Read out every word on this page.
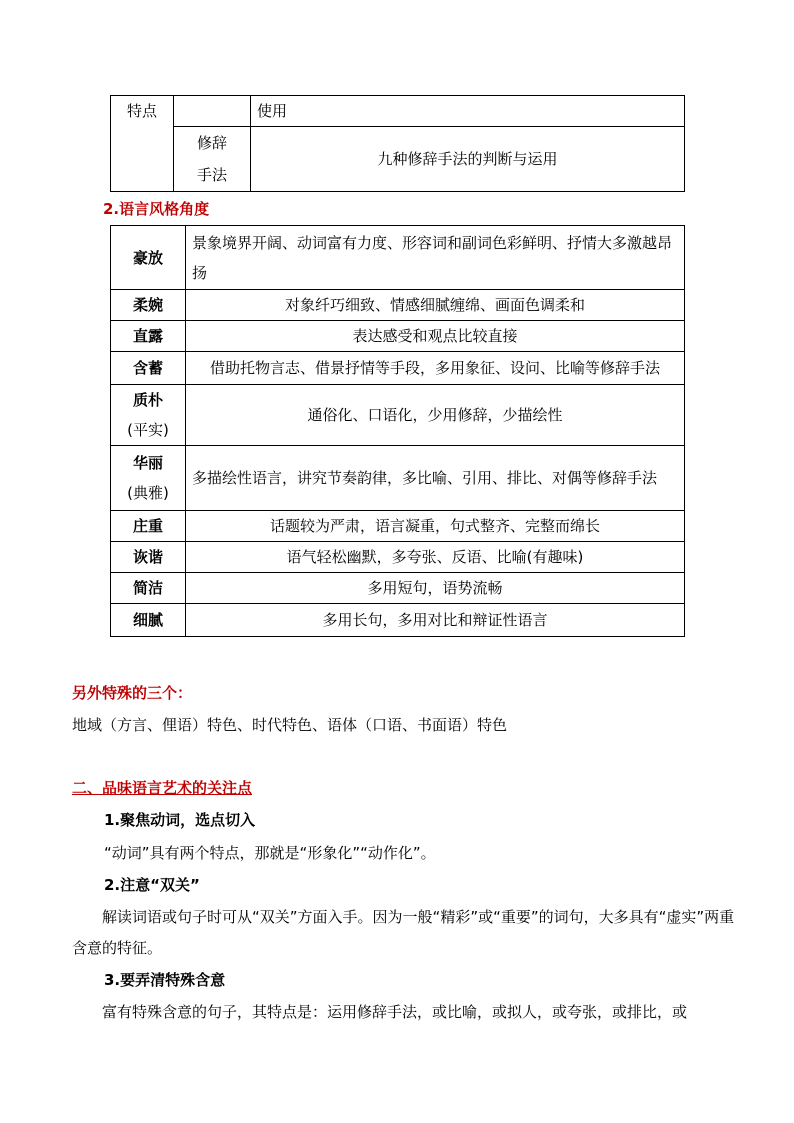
特点		使用

	修辞
手法	九种修辞手法的判断与运用
2.语言风格角度
豪放	景象境界开阔、动词富有力度、形容词和副词色彩鲜明、抒情大多激越昂扬

柔婉	对象纤巧细致、情感细腻缠绵、画面色调柔和

直露	表达感受和观点比较直接

含蓄	借助托物言志、借景抒情等手段，多用象征、设问、比喻等修辞手法

质朴
(平实)	通俗化、口语化，少用修辞，少描绘性

华丽
(典雅)	多描绘性语言，讲究节奏韵律，多比喻、引用、排比、对偶等修辞手法

庄重	话题较为严肃，语言凝重，句式整齐、完整而绵长

诙谐	语气轻松幽默，多夸张、反语、比喻(有趣味)

简洁	多用短句，语势流畅

细腻	多用长句，多用对比和辩证性语言
另外特殊的三个：
地域（方言、俚语）特色、时代特色、语体（口语、书面语）特色
二、品味语言艺术的关注点
1.聚焦动词，选点切入
“动词”具有两个特点，那就是“形象化”“动作化”。
2.注意“双关”
解读词语或句子时可从“双关”方面入手。因为一般“精彩”或“重要”的词句，大多具有“虚实”两重含意的特征。
3.要弄清特殊含意
富有特殊含意的句子，其特点是：运用修辞手法，或比喻，或拟人，或夸张，或排比，或
